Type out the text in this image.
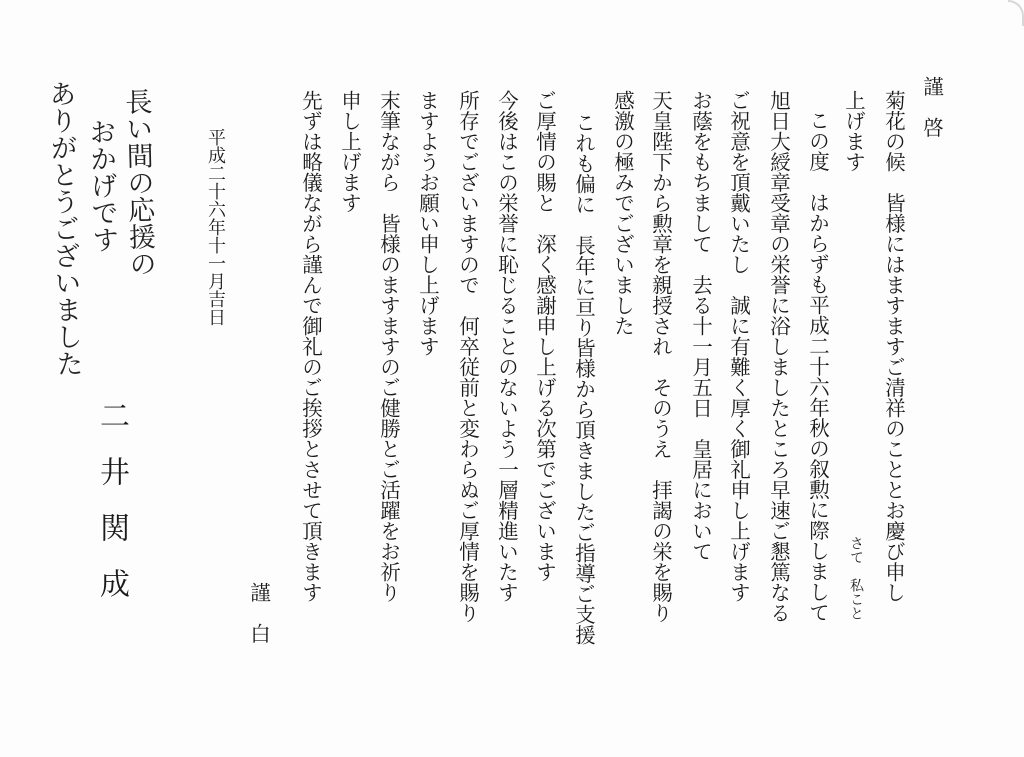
謹　啓
菊花の候　皆様にはますますご清祥のこととお慶び申し
上げます
さて　私こと
この度　はからずも平成二十六年秋の叙勲に際しまして
旭日大綬章受章の栄誉に浴しましたところ早速ご懇篤なる
ご祝意を頂戴いたし　誠に有難く厚く御礼申し上げます
お蔭をもちまして　去る十一月五日　皇居において
天皇陛下から勲章を親授され　そのうえ　拝謁の栄を賜り
感激の極みでございました
これも偏に　長年に亘り皆様から頂きましたご指導ご支援
ご厚情の賜と　深く感謝申し上げる次第でございます
今後はこの栄誉に恥じることのないよう一層精進いたす
所存でございますので　何卒従前と変わらぬご厚情を賜り
ますようお願い申し上げます
末筆ながら　皆様のますますのご健勝とご活躍をお祈り
申し上げます
先ずは略儀ながら謹んで御礼のご挨拶とさせて頂きます
謹　白
平成二十六年十一月吉日
二井関成
長い間の応援の
おかげです
ありがとうございました
